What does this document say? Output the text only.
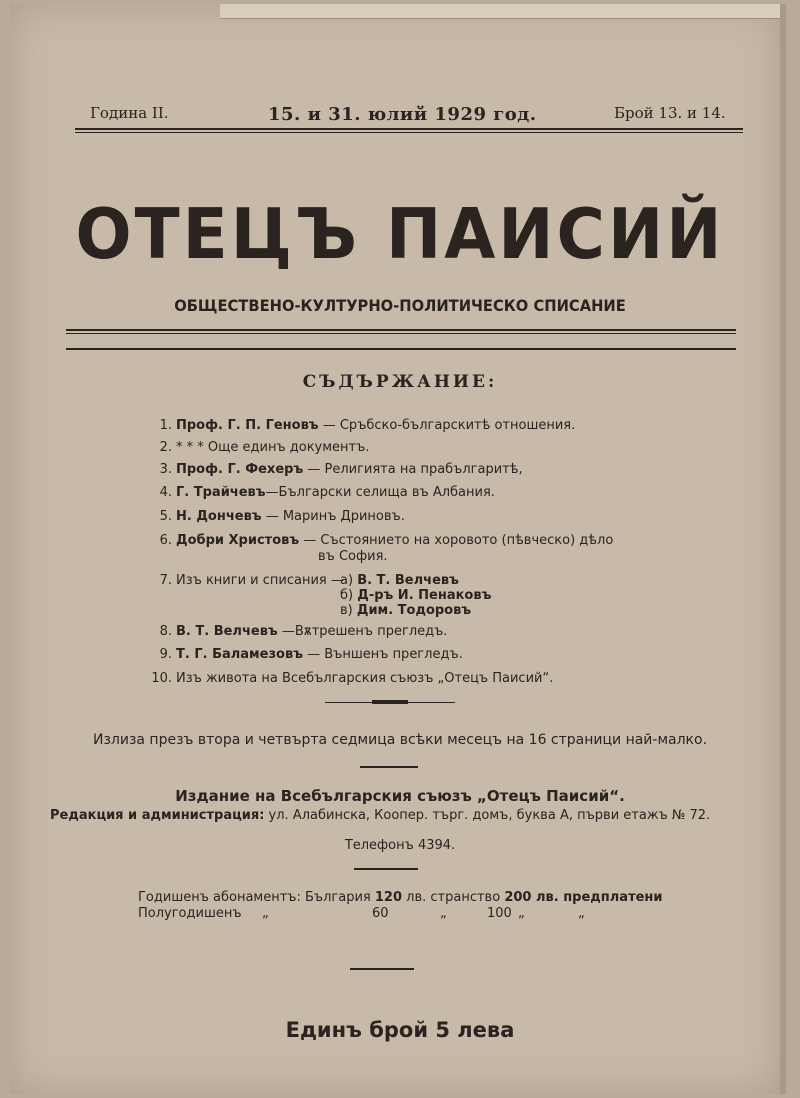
Година II.	15. и 31. юлий 1929 год.	Брой 13. и 14.
ОТЕЦЪ ПАИСИЙ
ОБЩЕСТВЕНО-КУЛТУРНО-ПОЛИТИЧЕСКО СПИСАНИЕ
СЪДЪРЖАНИЕ:
1. Проф. Г. П. Геновъ — Сръбско-българскитѣ отношения.
2. * * * Още единъ документъ.
3. Проф. Г. Фехеръ — Религията на прабългаритѣ,
4. Г. Трайчевъ—Български селища въ Албания.
5. Н. Дончевъ — Маринъ Дриновъ.
6. Добри Христовъ — Състоянието на хоровото (пѣвческо) дѣло
въ София.
7. Изъ книги и списания —
а) В. Т. Велчевъ
б) Д-ръ И. Пенаковъ
в) Дим. Тодоровъ
8. В. Т. Велчевъ —Вѫтрешенъ прегледъ.
9. Т. Г. Баламезовъ — Външенъ прегледъ.
10. Изъ живота на Всебългарския съюзъ „Отецъ Паисий“.
Излиза презъ втора и четвърта седмица всѣки месецъ на 16 страници най-малко.
Издание на Всебългарския съюзъ „Отецъ Паисий“.
Редакция и администрация: ул. Алабинска, Коопер. търг. домъ, буква А, първи етажъ № 72.
Телефонъ 4394.
Годишенъ абонаментъ: България 120 лв. странство 200 лв. предплатени
Полугодишенъ „	60	„	100 „	„
Единъ брой 5 лева
